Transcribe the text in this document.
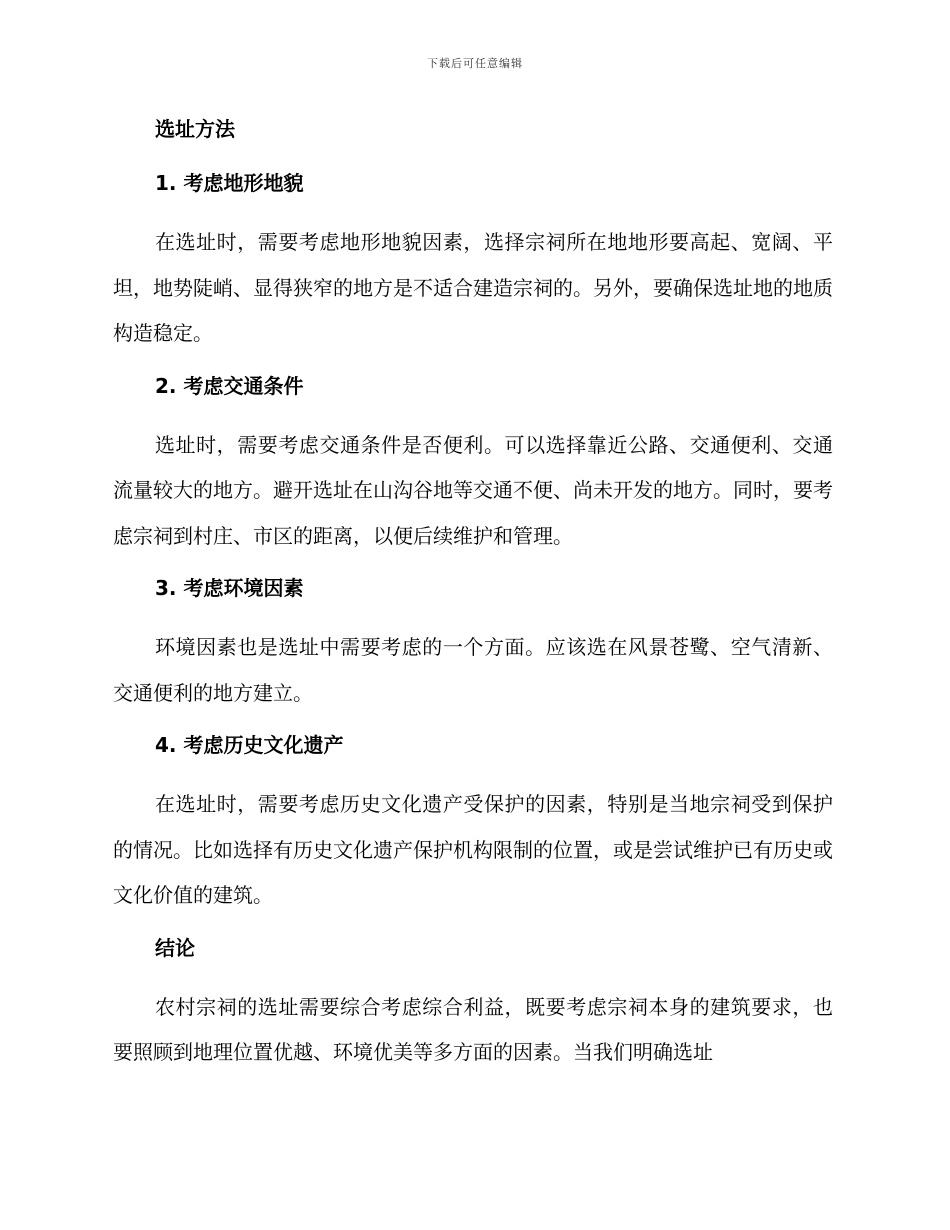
下载后可任意编辑
选址方法
1. 考虑地形地貌

在选址时，需要考虑地形地貌因素，选择宗祠所在地地形要高起、宽阔、平坦，地势陡峭、显得狭窄的地方是不适合建造宗祠的。另外，要确保选址地的地质构造稳定。

2. 考虑交通条件

选址时，需要考虑交通条件是否便利。可以选择靠近公路、交通便利、交通流量较大的地方。避开选址在山沟谷地等交通不便、尚未开发的地方。同时，要考虑宗祠到村庄、市区的距离，以便后续维护和管理。

3. 考虑环境因素

环境因素也是选址中需要考虑的一个方面。应该选在风景苍鹭、空气清新、交通便利的地方建立。

4. 考虑历史文化遗产

在选址时，需要考虑历史文化遗产受保护的因素，特别是当地宗祠受到保护的情况。比如选择有历史文化遗产保护机构限制的位置，或是尝试维护已有历史或文化价值的建筑。

结论

农村宗祠的选址需要综合考虑综合利益，既要考虑宗祠本身的建筑要求，也要照顾到地理位置优越、环境优美等多方面的因素。当我们明确选址
